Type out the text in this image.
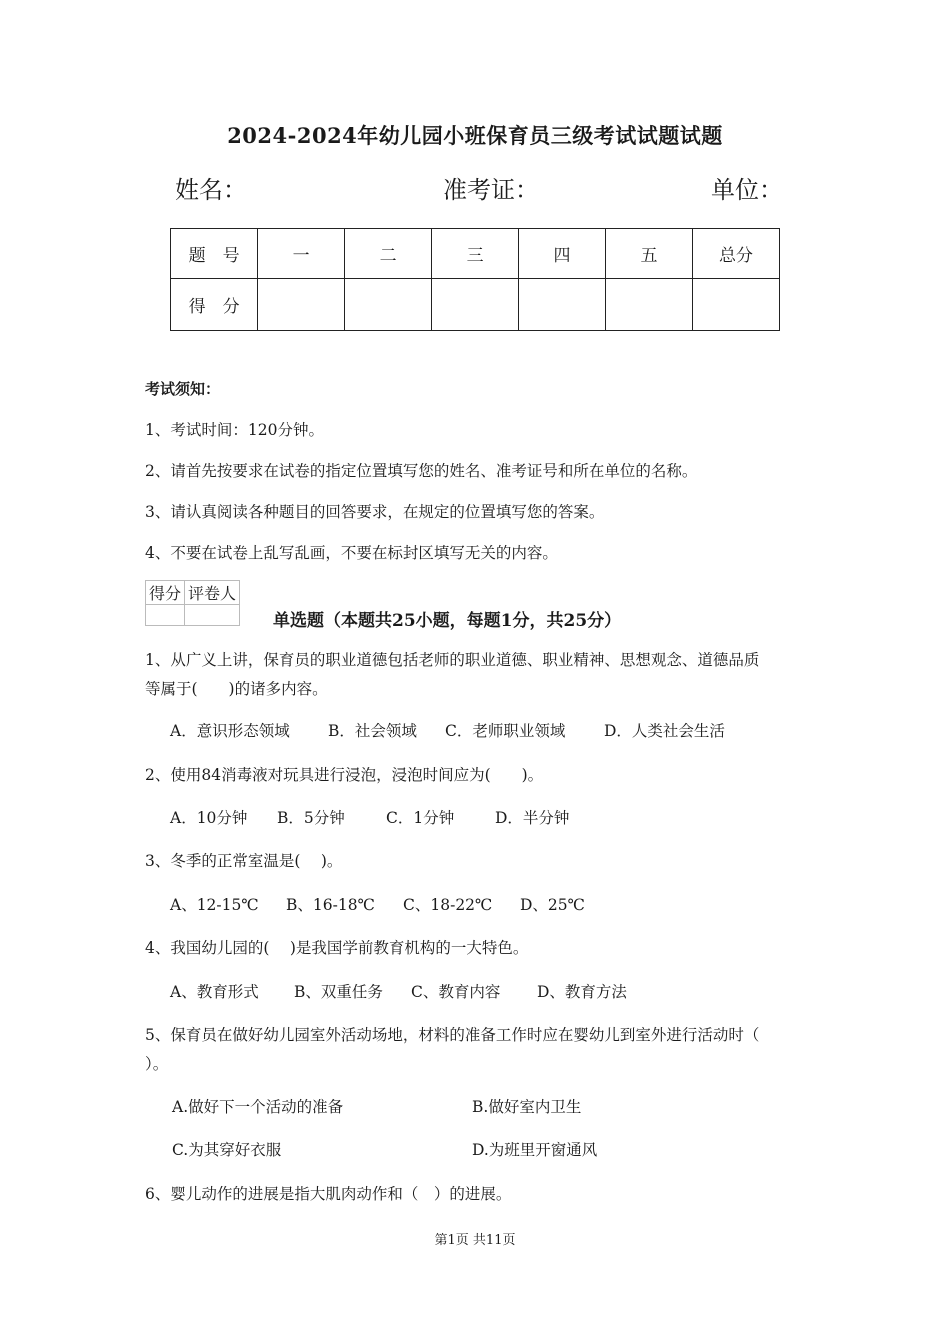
2024-2024年幼儿园小班保育员三级考试试题试题
姓名：	准考证：	单位：
题　号	一	二	三	四	五	总分
得　分						
考试须知：
1、考试时间：120分钟。
2、请首先按要求在试卷的指定位置填写您的姓名、准考证号和所在单位的名称。
3、请认真阅读各种题目的回答要求，在规定的位置填写您的答案。
4、不要在试卷上乱写乱画，不要在标封区填写无关的内容。
得分	评卷人

单选题（本题共25小题，每题1分，共25分）
1、从广义上讲，保育员的职业道德包括老师的职业道德、职业精神、思想观念、道德品质
等属于(　　)的诸多内容。
A．意识形态领域 B．社会领域 C．老师职业领域 D．人类社会生活
2、使用84消毒液对玩具进行浸泡，浸泡时间应为(　　)。
A．10分钟 B．5分钟	C．1分钟	D．半分钟
3、冬季的正常室温是(　 )。
A、12-15℃ B、16-18℃ C、18-22℃ D、25℃
4、我国幼儿园的(　 )是我国学前教育机构的一大特色。
A、教育形式 B、双重任务 C、教育内容 D、教育方法
5、保育员在做好幼儿园室外活动场地，材料的准备工作时应在婴幼儿到室外进行活动时（
）。
A.做好下一个活动的准备	B.做好室内卫生
C.为其穿好衣服	D.为班里开窗通风
6、婴儿动作的进展是指大肌肉动作和（　）的进展。
第1页 共11页
